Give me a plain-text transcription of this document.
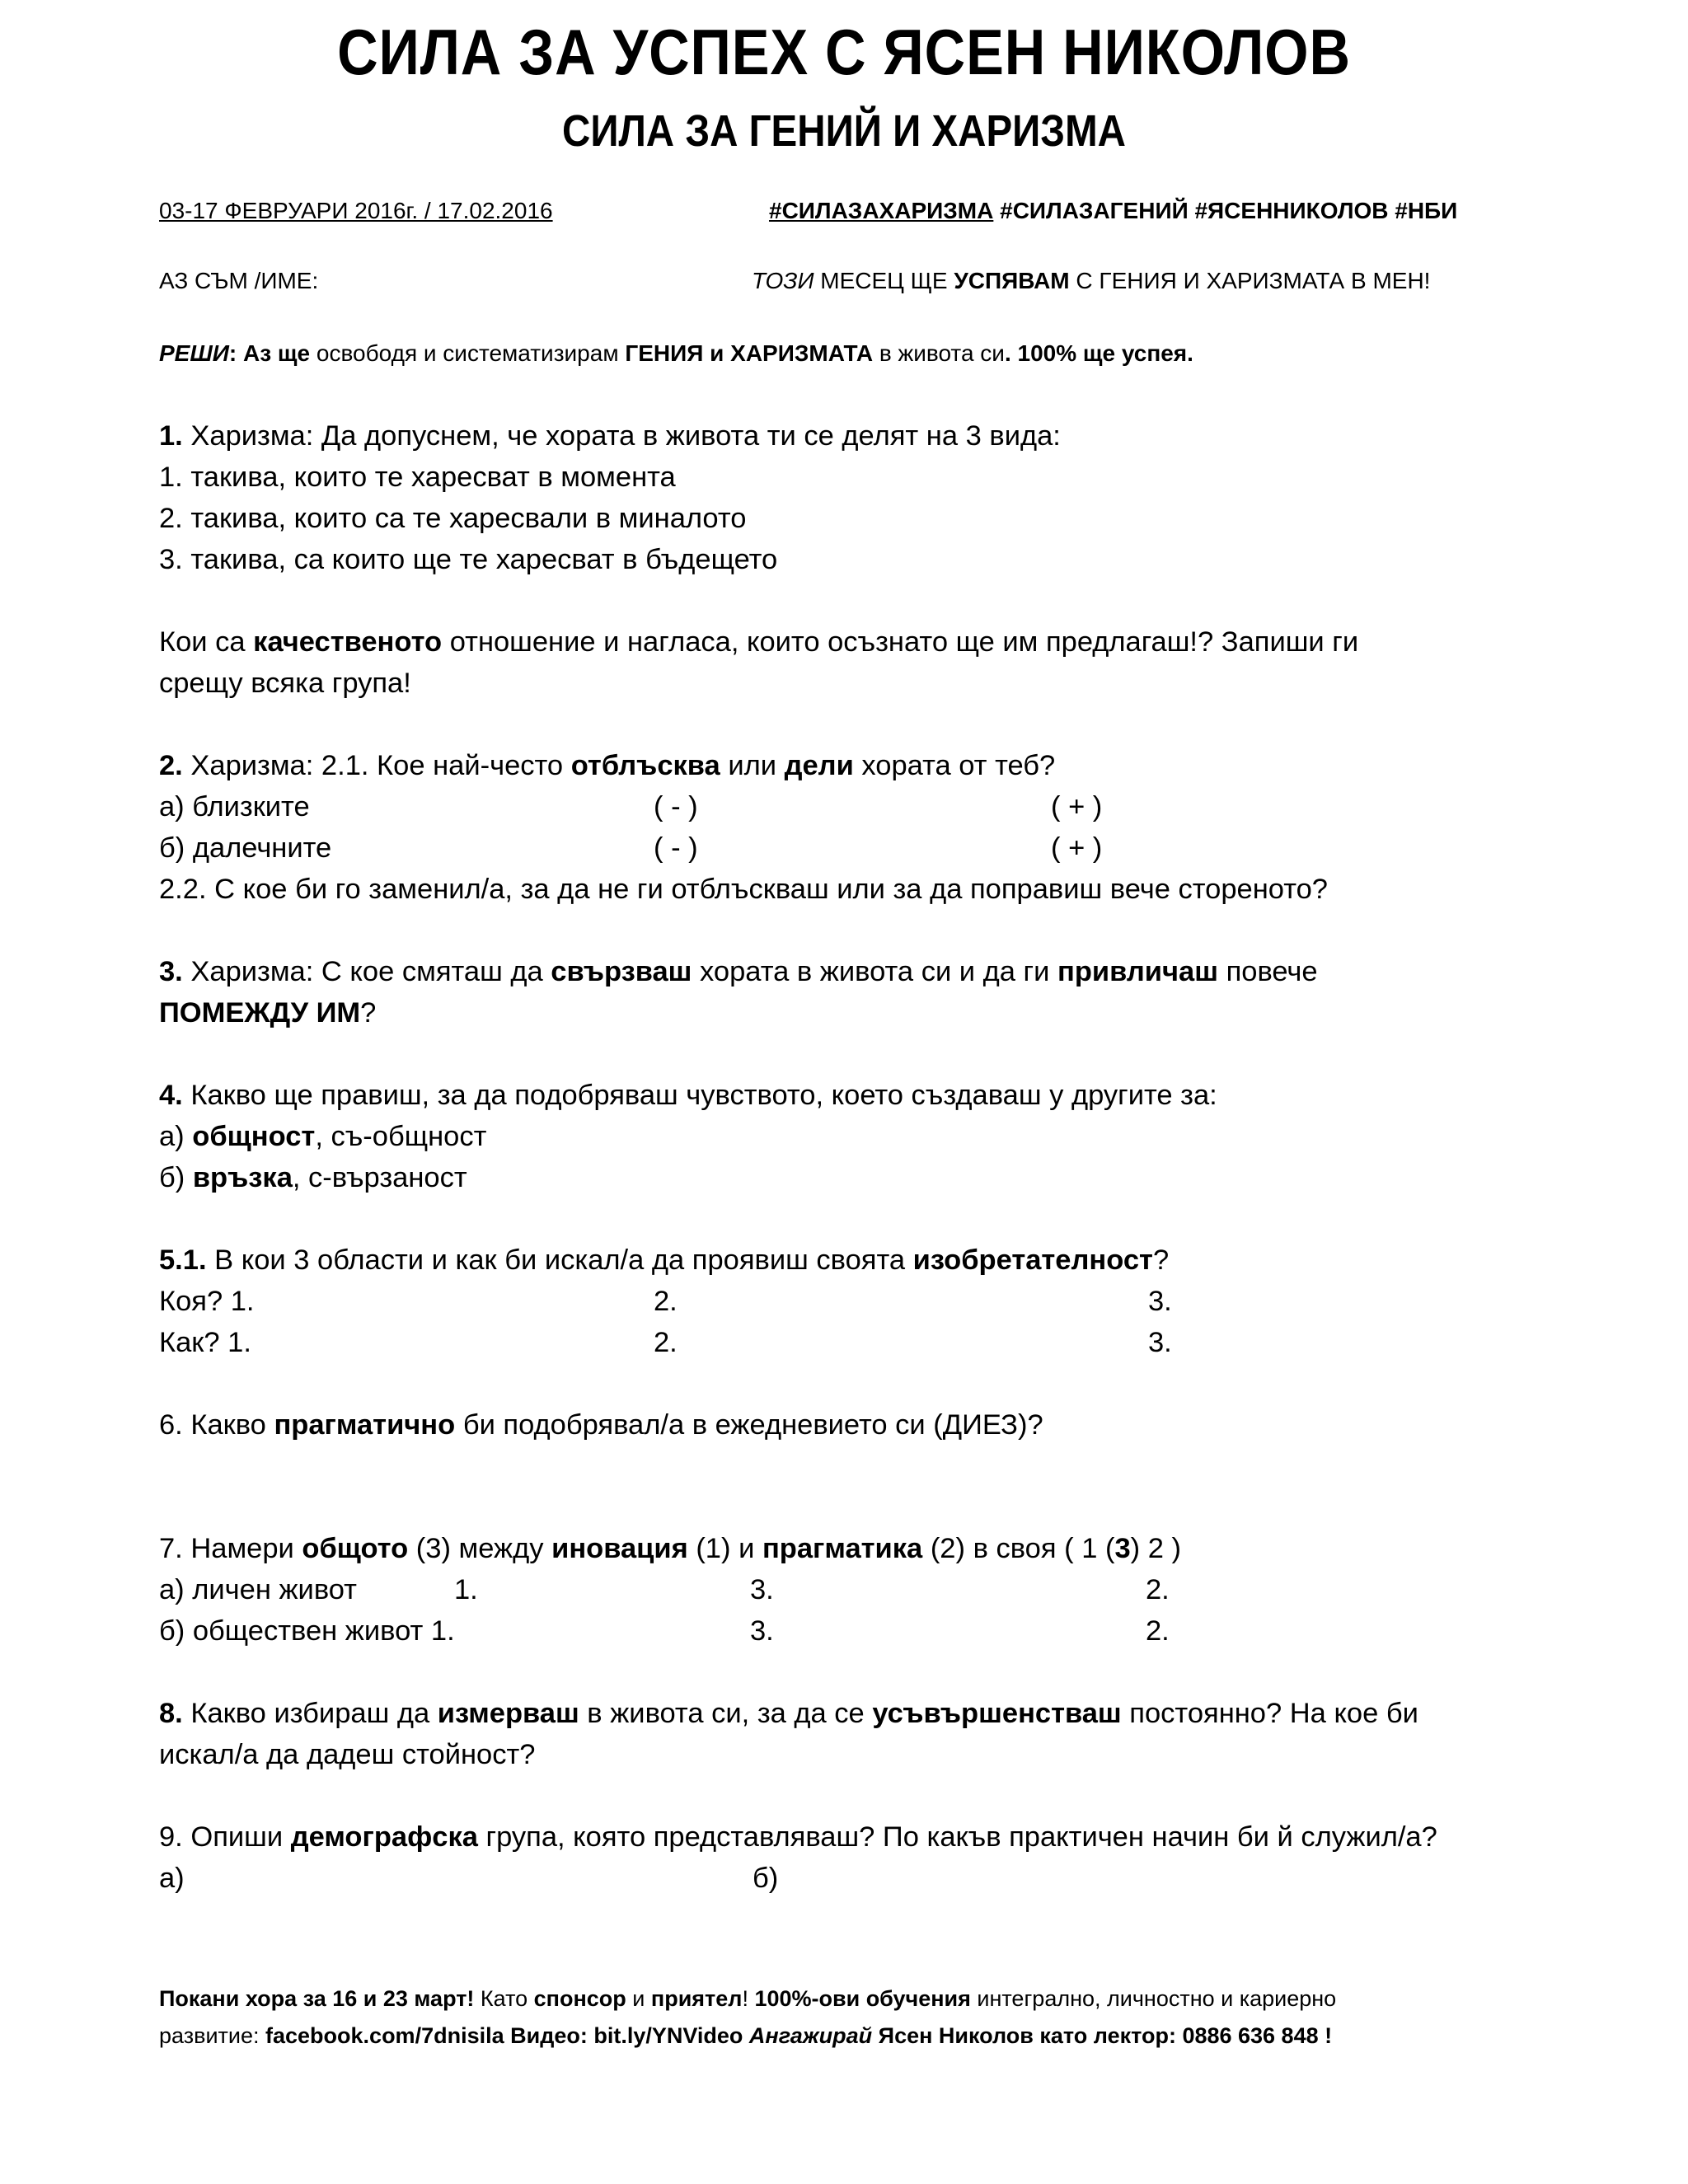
СИЛА ЗА УСПЕХ С ЯСЕН НИКОЛОВ
СИЛА ЗА ГЕНИЙ И ХАРИЗМА
03-17 ФЕВРУАРИ 2016г. / 17.02.2016	#СИЛАЗАХАРИЗМА #СИЛАЗАГЕНИЙ #ЯСЕННИКОЛОВ #НБИ
АЗ СЪМ /ИМЕ:	ТОЗИ МЕСЕЦ ЩЕ УСПЯВАМ С ГЕНИЯ И ХАРИЗМАТА В МЕН!
РЕШИ: Аз ще освободя и систематизирам ГЕНИЯ и ХАРИЗМАТА в живота си. 100% ще успея.
1. Харизма: Да допуснем, че хората в живота ти се делят на 3 вида:
1. такива, които те харесват в момента
2. такива, които са те харесвали в миналото
3. такива, са които ще те харесват в бъдещето
Кои са качественото отношение и нагласа, които осъзнато ще им предлагаш!? Запиши ги
срещу всяка група!
2. Харизма: 2.1. Кое най-често отблъсква или дели хората от теб?
а) близките	( - )	( + )
б) далечните	( - )	( + )
2.2. С кое би го заменил/а, за да не ги отблъскваш или за да поправиш вече стореното?
3. Харизма: С кое смяташ да свързваш хората в живота си и да ги привличаш повече
ПОМЕЖДУ ИМ?
4. Какво ще правиш, за да подобряваш чувството, което създаваш у другите за:
а) общност, съ-общност
б) връзка, с-вързаност
5.1. В кои 3 области и как би искал/а да проявиш своята изобретателност?
Коя? 1.	2.	3.
Как? 1.	2.	3.
6. Какво прагматично би подобрявал/а в ежедневието си (ДИЕЗ)?
7. Намери общото (3) между иновация (1) и прагматика (2) в своя ( 1 (3) 2 )
а) личен живот	1.	3.	2.
б) обществен живот 1.	3.	2.
8. Какво избираш да измерваш в живота си, за да се усъвършенстваш постоянно? На кое би
искал/а да дадеш стойност?
9. Опиши демографска група, която представляваш? По какъв практичен начин би й служил/а?
а)	б)
Покани хора за 16 и 23 март! Като спонсор и приятел! 100%-ови обучения интегрално, личностно и кариерно
развитие: facebook.com/7dnisila Видео: bit.ly/YNVideo Ангажирай Ясен Николов като лектор: 0886 636 848 !
